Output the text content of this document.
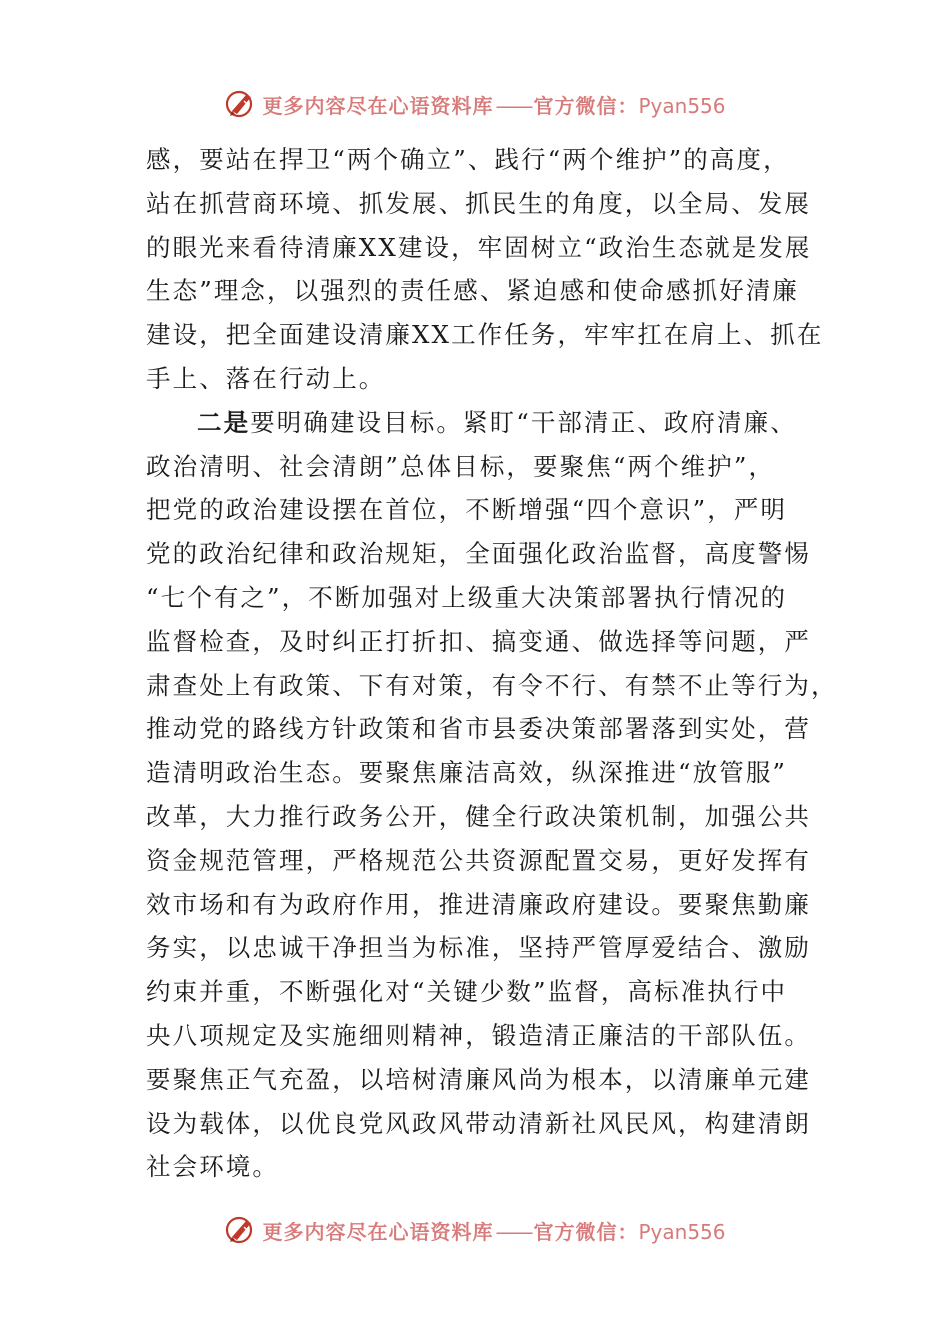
更多内容尽在心语资料库 —— 官方微信：Pyan556
感，要站在捍卫“两个确立”、践行“两个维护”的高度，
站在抓营商环境、抓发展、抓民生的角度，以全局、发展
的眼光来看待清廉XX建设，牢固树立“政治生态就是发展
生态”理念，以强烈的责任感、紧迫感和使命感抓好清廉
建设，把全面建设清廉XX工作任务，牢牢扛在肩上、抓在
手上、落在行动上。
二是要明确建设目标。紧盯“干部清正、政府清廉、
政治清明、社会清朗”总体目标，要聚焦“两个维护”，
把党的政治建设摆在首位，不断增强“四个意识”，严明
党的政治纪律和政治规矩，全面强化政治监督，高度警惕
“七个有之”，不断加强对上级重大决策部署执行情况的
监督检查，及时纠正打折扣、搞变通、做选择等问题，严
肃查处上有政策、下有对策，有令不行、有禁不止等行为，
推动党的路线方针政策和省市县委决策部署落到实处，营
造清明政治生态。要聚焦廉洁高效，纵深推进“放管服”
改革，大力推行政务公开，健全行政决策机制，加强公共
资金规范管理，严格规范公共资源配置交易，更好发挥有
效市场和有为政府作用，推进清廉政府建设。要聚焦勤廉
务实，以忠诚干净担当为标准，坚持严管厚爱结合、激励
约束并重，不断强化对“关键少数”监督，高标准执行中
央八项规定及实施细则精神，锻造清正廉洁的干部队伍。
要聚焦正气充盈，以培树清廉风尚为根本，以清廉单元建
设为载体，以优良党风政风带动清新社风民风，构建清朗
社会环境。
更多内容尽在心语资料库 —— 官方微信：Pyan556
